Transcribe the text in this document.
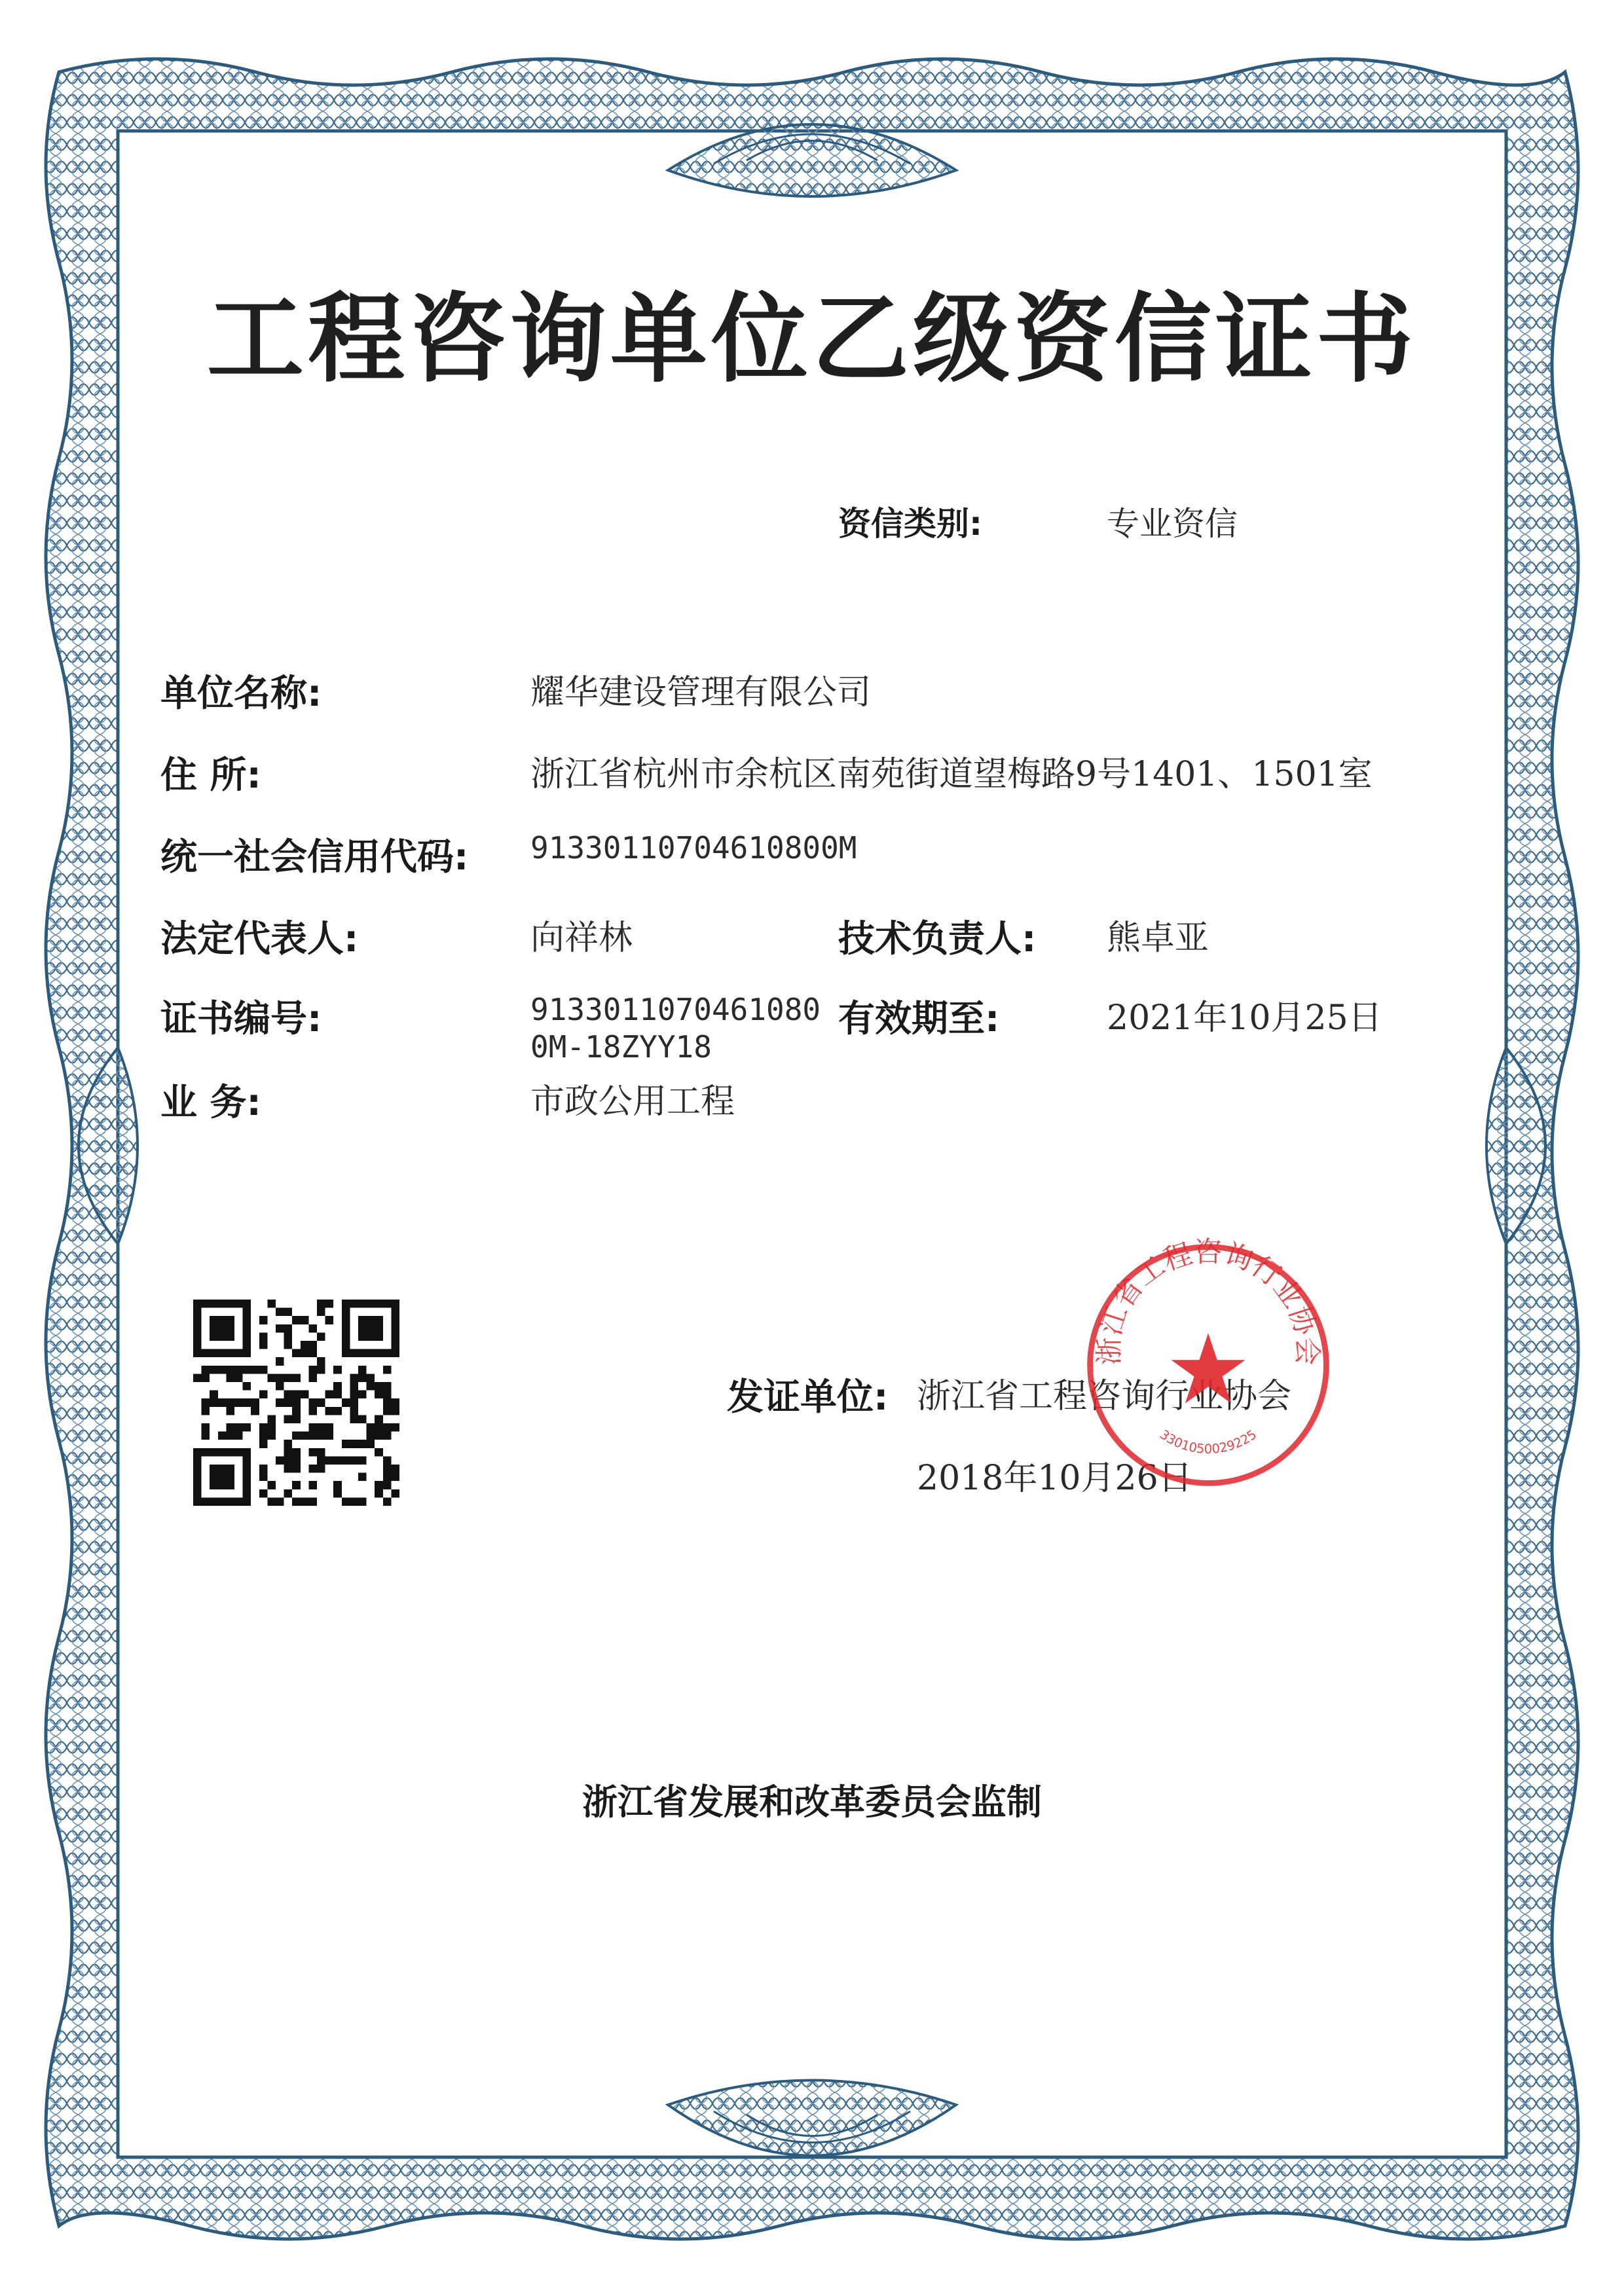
工程咨询单位乙级资信证书
资信类别:	专业资信
单位名称:	耀华建设管理有限公司
住 所:	浙江省杭州市余杭区南苑街道望梅路9号1401、1501室
统一社会信用代码: 91330110704610800M
法定代表人:	向祥林	技术负责人: 熊卓亚
证书编号:	9133011070461080
0M-18ZYY18
有效期至:	2021年10月25日
业 务:	市政公用工程
发证单位: 浙江省工程咨询行业协会
2018年10月26日
浙江省工程咨询行业协会
3301050029225
浙江省发展和改革委员会监制
